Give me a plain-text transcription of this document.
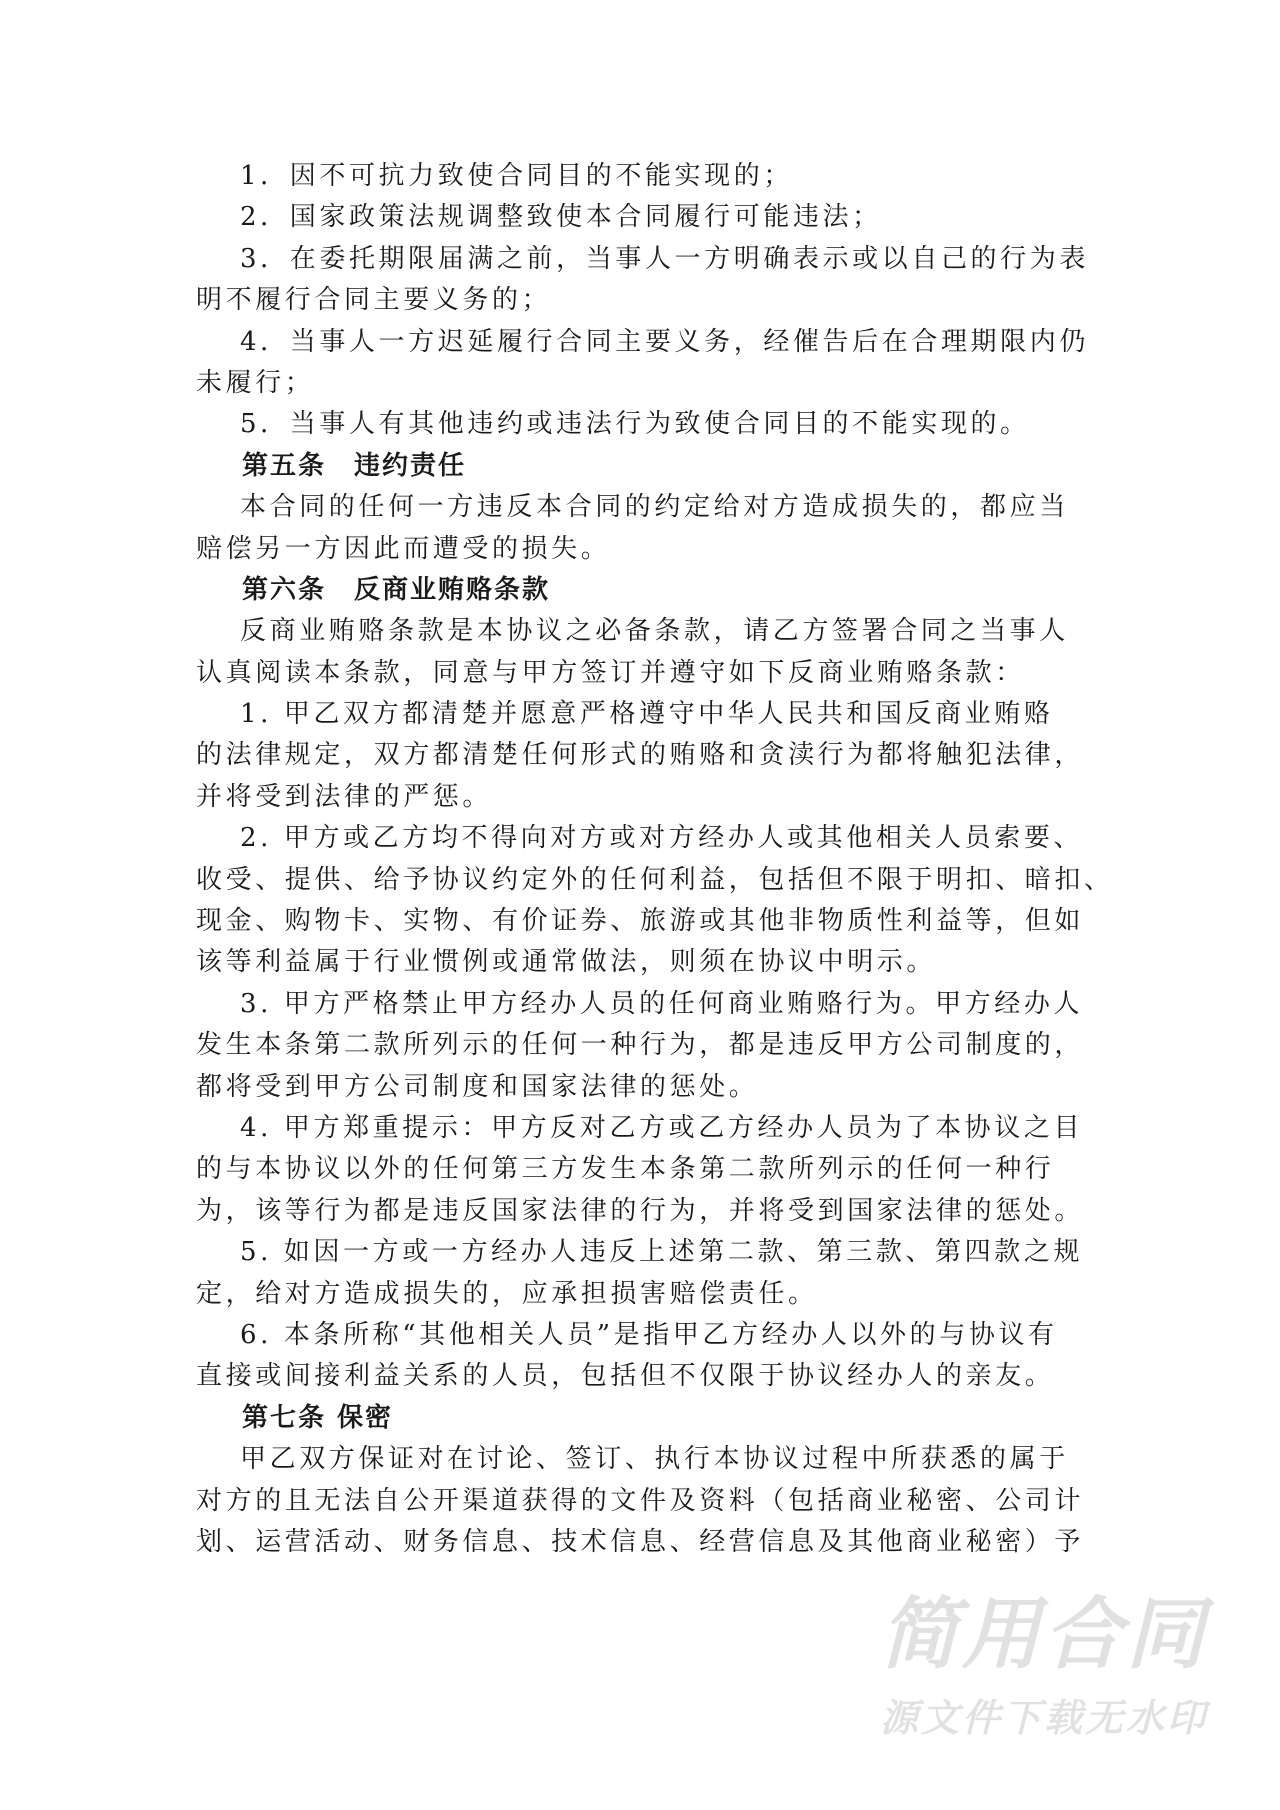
1．因不可抗力致使合同目的不能实现的；
2．国家政策法规调整致使本合同履行可能违法；
3．在委托期限届满之前，当事人一方明确表示或以自己的行为表
明不履行合同主要义务的；
4．当事人一方迟延履行合同主要义务，经催告后在合理期限内仍
未履行；
5．当事人有其他违约或违法行为致使合同目的不能实现的。
第五条　违约责任
本合同的任何一方违反本合同的约定给对方造成损失的，都应当
赔偿另一方因此而遭受的损失。
第六条　反商业贿赂条款
反商业贿赂条款是本协议之必备条款，请乙方签署合同之当事人
认真阅读本条款，同意与甲方签订并遵守如下反商业贿赂条款：
1. 甲乙双方都清楚并愿意严格遵守中华人民共和国反商业贿赂
的法律规定，双方都清楚任何形式的贿赂和贪渎行为都将触犯法律，
并将受到法律的严惩。
2. 甲方或乙方均不得向对方或对方经办人或其他相关人员索要、
收受、提供、给予协议约定外的任何利益，包括但不限于明扣、暗扣、
现金、购物卡、实物、有价证券、旅游或其他非物质性利益等，但如
该等利益属于行业惯例或通常做法，则须在协议中明示。
3. 甲方严格禁止甲方经办人员的任何商业贿赂行为。甲方经办人
发生本条第二款所列示的任何一种行为，都是违反甲方公司制度的，
都将受到甲方公司制度和国家法律的惩处。
4. 甲方郑重提示：甲方反对乙方或乙方经办人员为了本协议之目
的与本协议以外的任何第三方发生本条第二款所列示的任何一种行
为，该等行为都是违反国家法律的行为，并将受到国家法律的惩处。
5. 如因一方或一方经办人违反上述第二款、第三款、第四款之规
定，给对方造成损失的，应承担损害赔偿责任。
6. 本条所称“其他相关人员”是指甲乙方经办人以外的与协议有
直接或间接利益关系的人员，包括但不仅限于协议经办人的亲友。
第七条 保密
甲乙双方保证对在讨论、签订、执行本协议过程中所获悉的属于
对方的且无法自公开渠道获得的文件及资料（包括商业秘密、公司计
划、运营活动、财务信息、技术信息、经营信息及其他商业秘密）予
简用合同
源文件下载无水印
